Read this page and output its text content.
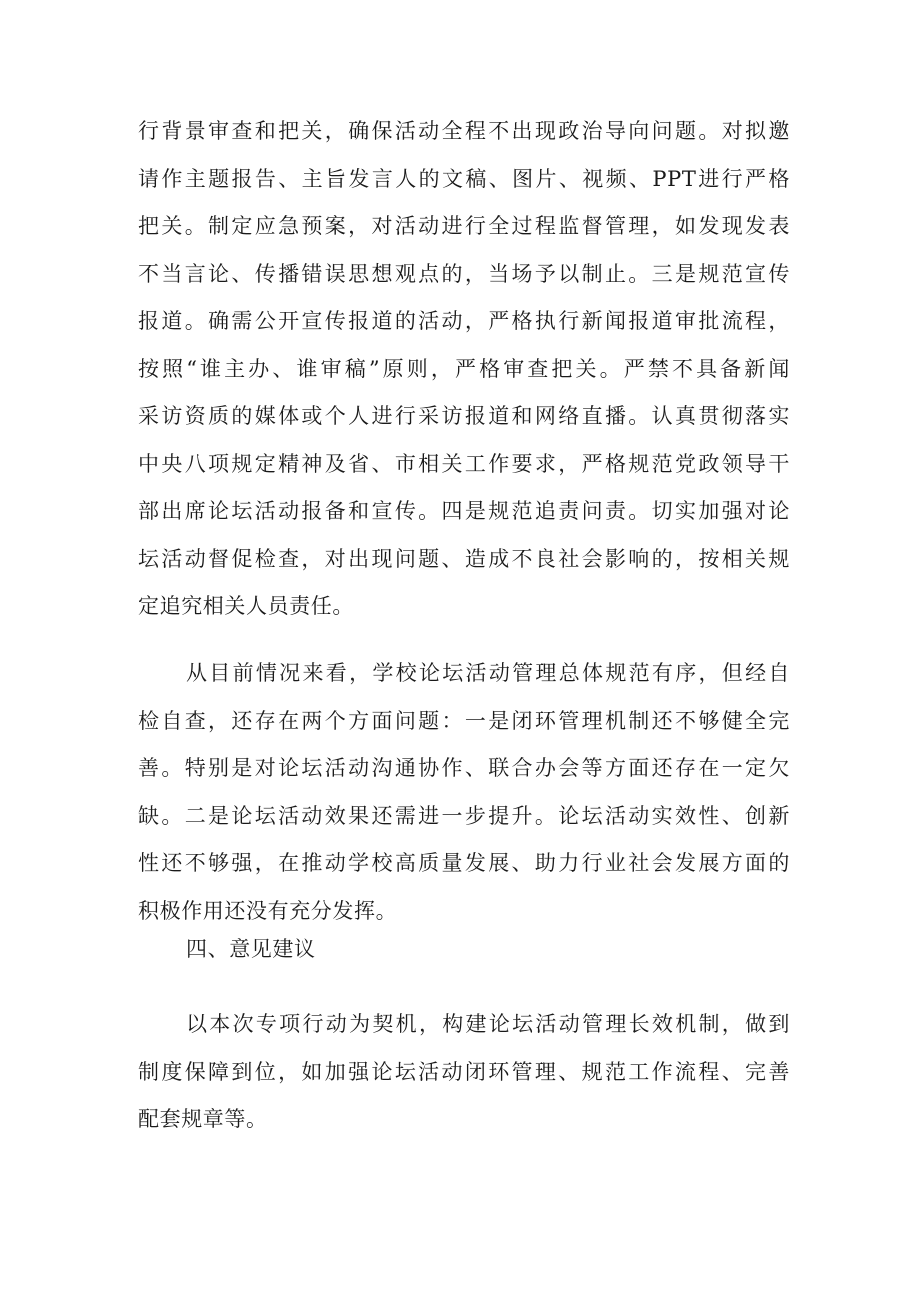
行背景审查和把关，确保活动全程不出现政治导向问题。对拟邀
请作主题报告、主旨发言人的文稿、图片、视频、PPT进行严格
把关。制定应急预案，对活动进行全过程监督管理，如发现发表
不当言论、传播错误思想观点的，当场予以制止。三是规范宣传
报道。确需公开宣传报道的活动，严格执行新闻报道审批流程，
按照“谁主办、谁审稿”原则，严格审查把关。严禁不具备新闻
采访资质的媒体或个人进行采访报道和网络直播。认真贯彻落实
中央八项规定精神及省、市相关工作要求，严格规范党政领导干
部出席论坛活动报备和宣传。四是规范追责问责。切实加强对论
坛活动督促检查，对出现问题、造成不良社会影响的，按相关规
定追究相关人员责任。
从目前情况来看，学校论坛活动管理总体规范有序，但经自
检自查，还存在两个方面问题：一是闭环管理机制还不够健全完
善。特别是对论坛活动沟通协作、联合办会等方面还存在一定欠
缺。二是论坛活动效果还需进一步提升。论坛活动实效性、创新
性还不够强，在推动学校高质量发展、助力行业社会发展方面的
积极作用还没有充分发挥。
四、意见建议
以本次专项行动为契机，构建论坛活动管理长效机制，做到
制度保障到位，如加强论坛活动闭环管理、规范工作流程、完善
配套规章等。
